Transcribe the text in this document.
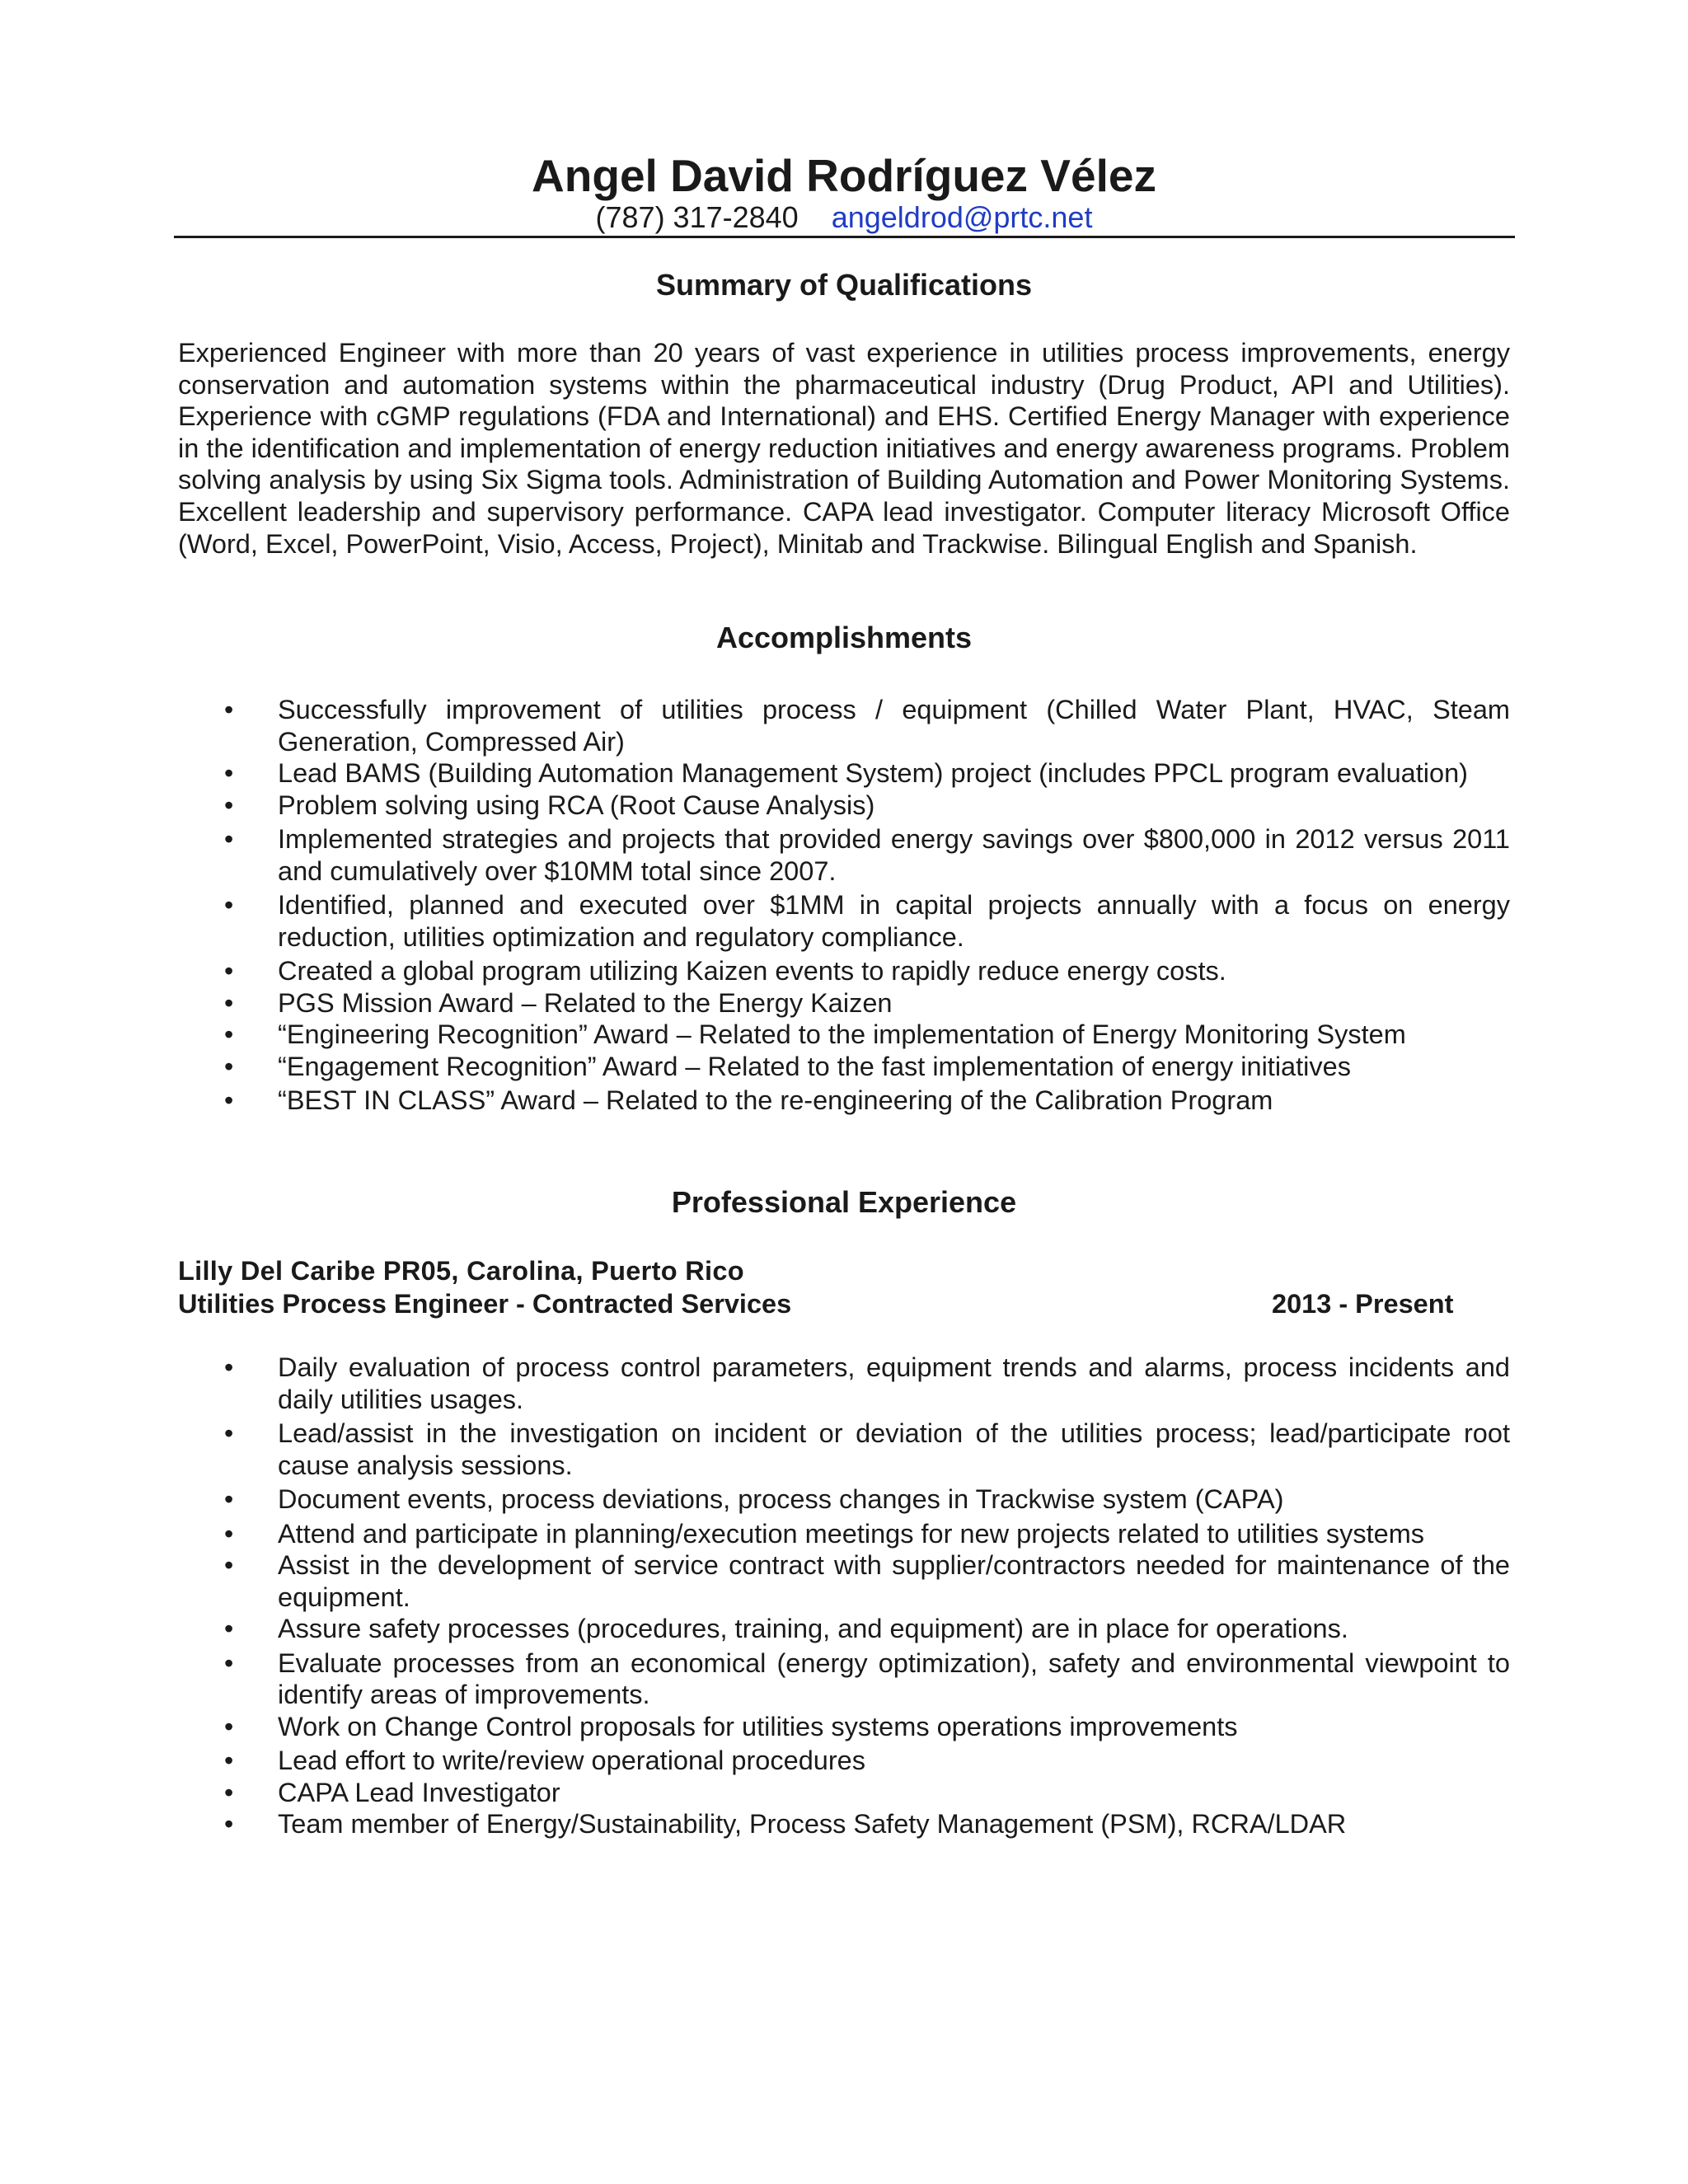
Angel David Rodríguez Vélez
(787) 317-2840 angeldrod@prtc.net
Summary of Qualifications

Experienced Engineer with more than 20 years of vast experience in utilities process improvements, energy conservation and automation systems within the pharmaceutical industry (Drug Product, API and Utilities). Experience with cGMP regulations (FDA and International) and EHS. Certified Energy Manager with experience in the identification and implementation of energy reduction initiatives and energy awareness programs. Problem solving analysis by using Six Sigma tools. Administration of Building Automation and Power Monitoring Systems. Excellent leadership and supervisory performance. CAPA lead investigator. Computer literacy Microsoft Office (Word, Excel, PowerPoint, Visio, Access, Project), Minitab and Trackwise. Bilingual English and Spanish.

Accomplishments
• Successfully improvement of utilities process / equipment (Chilled Water Plant, HVAC, Steam Generation, Compressed Air)
• Lead BAMS (Building Automation Management System) project (includes PPCL program evaluation)
• Problem solving using RCA (Root Cause Analysis)
• Implemented strategies and projects that provided energy savings over $800,000 in 2012 versus 2011 and cumulatively over $10MM total since 2007.
• Identified, planned and executed over $1MM in capital projects annually with a focus on energy reduction, utilities optimization and regulatory compliance.
• Created a global program utilizing Kaizen events to rapidly reduce energy costs.
• PGS Mission Award – Related to the Energy Kaizen
• “Engineering Recognition” Award – Related to the implementation of Energy Monitoring System
• “Engagement Recognition” Award – Related to the fast implementation of energy initiatives
• “BEST IN CLASS” Award – Related to the re-engineering of the Calibration Program
Professional Experience
Lilly Del Caribe PR05, Carolina, Puerto Rico
Utilities Process Engineer - Contracted Services	2013 - Present
• Daily evaluation of process control parameters, equipment trends and alarms, process incidents and daily utilities usages.
• Lead/assist in the investigation on incident or deviation of the utilities process; lead/participate root cause analysis sessions.
• Document events, process deviations, process changes in Trackwise system (CAPA)
• Attend and participate in planning/execution meetings for new projects related to utilities systems
• Assist in the development of service contract with supplier/contractors needed for maintenance of the equipment.
• Assure safety processes (procedures, training, and equipment) are in place for operations.
• Evaluate processes from an economical (energy optimization), safety and environmental viewpoint to identify areas of improvements.
• Work on Change Control proposals for utilities systems operations improvements
• Lead effort to write/review operational procedures
• CAPA Lead Investigator
• Team member of Energy/Sustainability, Process Safety Management (PSM), RCRA/LDAR
